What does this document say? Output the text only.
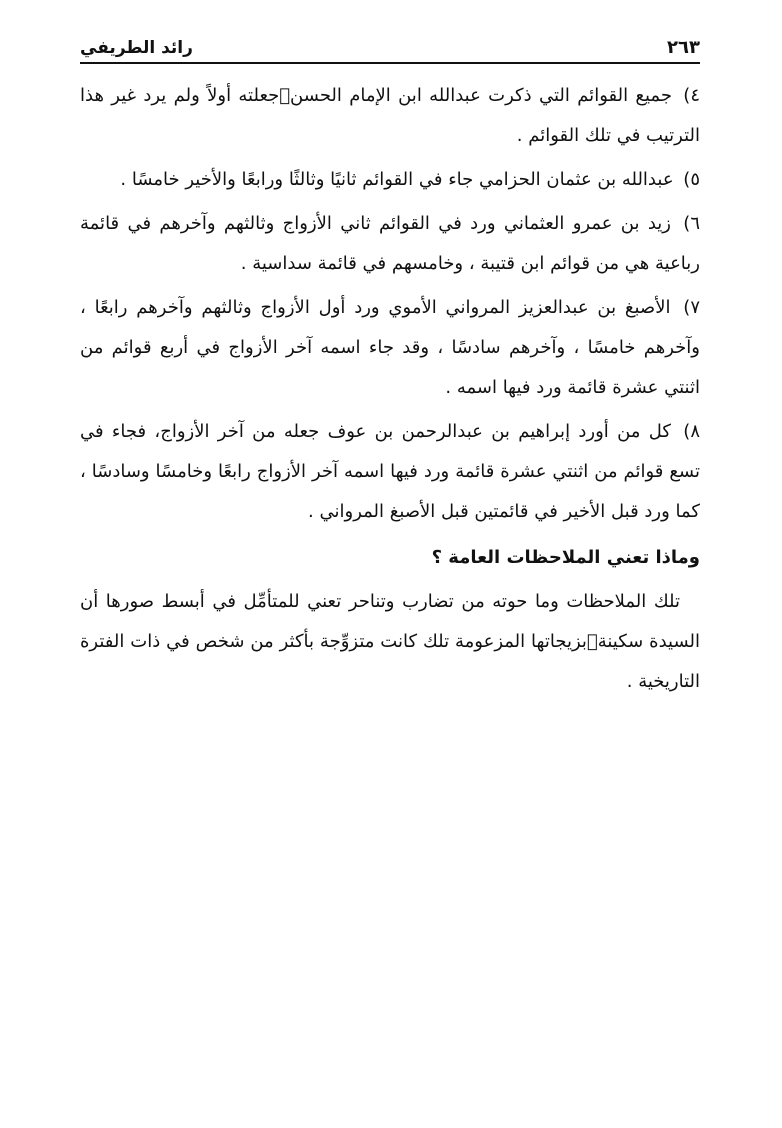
٢٦٣
رائد الطريفي

٤) جميع القوائم التي ذكرت عبدالله ابن الإمام الحسن﷤جعلته أولاً ولم يرد غير هذا الترتيب في تلك القوائم .

٥) عبدالله بن عثمان الحزامي جاء في القوائم ثانيًا وثالثًا ورابعًا والأخير خامسًا .

٦) زيد بن عمرو العثماني ورد في القوائم ثاني الأزواج وثالثهم وآخرهم في قائمة رباعية هي من قوائم ابن قتيبة ، وخامسهم في قائمة سداسية .

٧) الأصبغ بن عبدالعزيز المرواني الأموي ورد أول الأزواج وثالثهم وآخرهم رابعًا ، وآخرهم خامسًا ، وآخرهم سادسًا ، وقد جاء اسمه آخر الأزواج في أربع قوائم من اثنتي عشرة قائمة ورد فيها اسمه .

٨) كل من أورد إبراهيم بن عبدالرحمن بن عوف جعله من آخر الأزواج، فجاء في تسع قوائم من اثنتي عشرة قائمة ورد فيها اسمه آخر الأزواج رابعًا وخامسًا وسادسًا ، كما ورد قبل الأخير في قائمتين قبل الأصبغ المرواني .

وماذا تعني الملاحظات العامة ؟

تلك الملاحظات وما حوته من تضارب وتناحر تعني للمتأمِّل في أبسط صورها أن السيدة سكينة﷥بزيجاتها المزعومة تلك كانت متزوِّجة بأكثر من شخص في ذات الفترة التاريخية .
